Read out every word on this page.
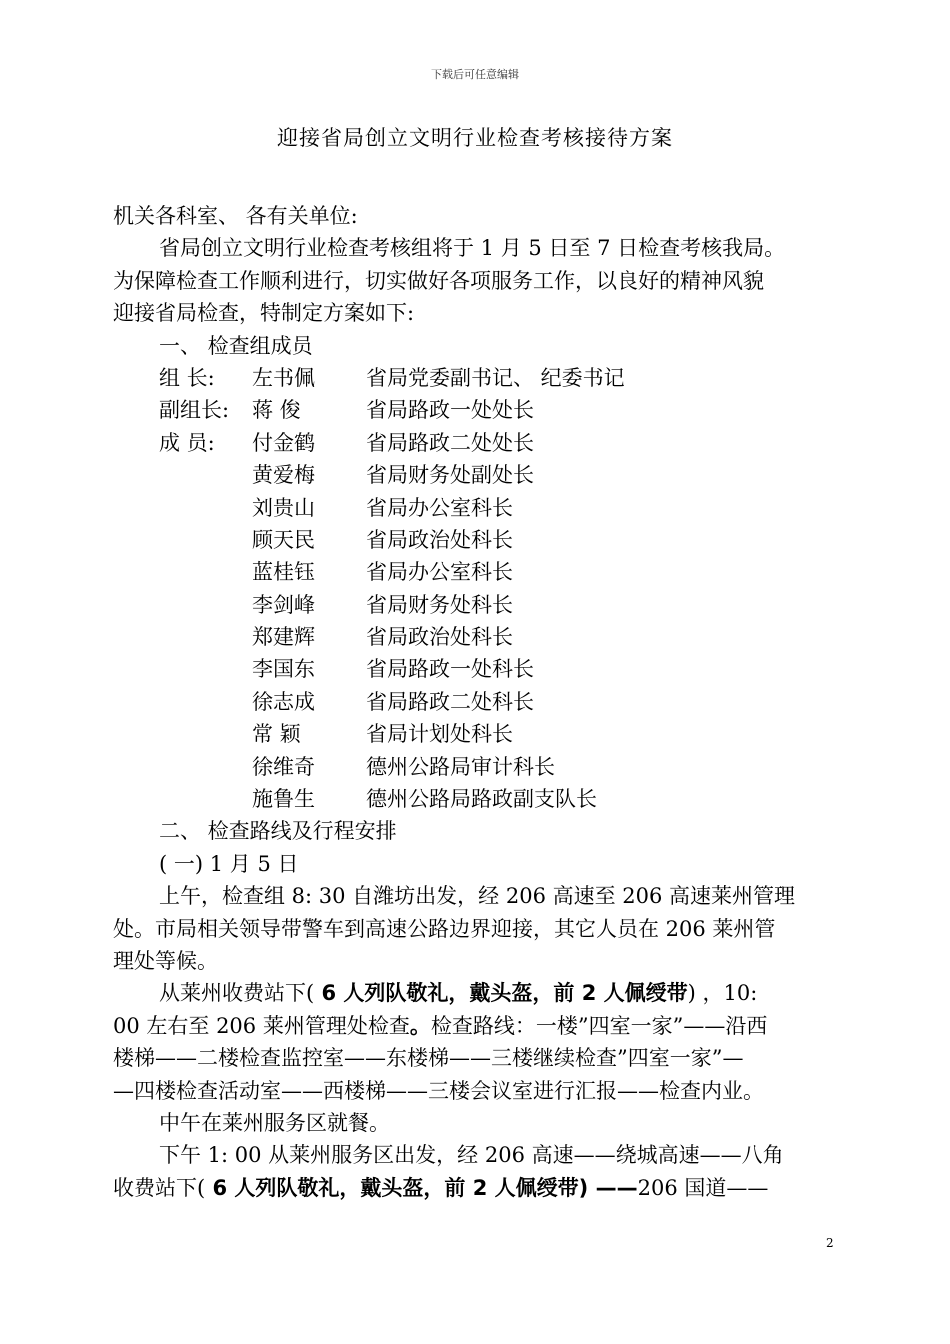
下载后可任意编辑
迎接省局创立文明行业检查考核接待方案
机关各科室、 各有关单位:
省局创立文明行业检查考核组将于 1 月 5 日至 7 日检查考核我局。
为保障检查工作顺利进行，切实做好各项服务工作，以良好的精神风貌
迎接省局检查，特制定方案如下:
一、 检查组成员
组 长:	左书佩	省局党委副书记、 纪委书记
副组长:	蒋 俊	省局路政一处处长
成 员:	付金鹤	省局路政二处处长
黄爱梅	省局财务处副处长
刘贵山	省局办公室科长
顾天民	省局政治处科长
蓝桂钰	省局办公室科长
李剑峰	省局财务处科长
郑建辉	省局政治处科长
李国东	省局路政一处科长
徐志成	省局路政二处科长
常 颖	省局计划处科长
徐维奇	德州公路局审计科长
施鲁生	德州公路局路政副支队长
二、 检查路线及行程安排
( 一) 1 月 5 日
上午，检查组 8: 30 自潍坊出发，经 206 高速至 206 高速莱州管理
处。市局相关领导带警车到高速公路边界迎接，其它人员在 206 莱州管
理处等候。
从莱州收费站下( 6 人列队敬礼，戴头盔，前 2 人佩绶带) ，10:
00 左右至 206 莱州管理处检查。检查路线：一楼”四室一家”——沿西
楼梯——二楼检查监控室——东楼梯——三楼继续检查”四室一家”—
—四楼检查活动室——西楼梯——三楼会议室进行汇报——检查内业。
中午在莱州服务区就餐。
下午 1: 00 从莱州服务区出发，经 206 高速——绕城高速——八角
收费站下( 6 人列队敬礼，戴头盔，前 2 人佩绶带) ——206 国道——
2
